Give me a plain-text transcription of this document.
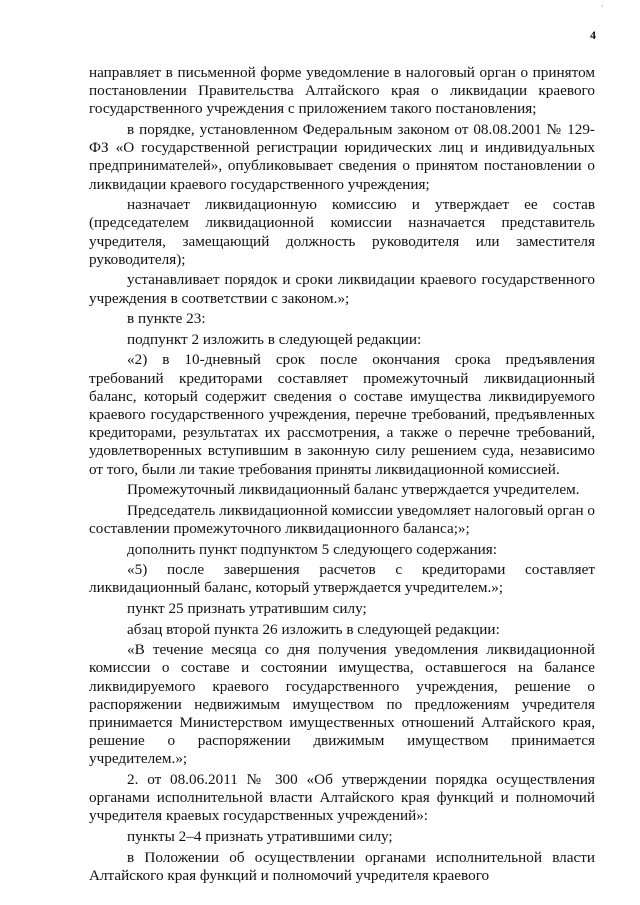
`
4

направляет в письменной форме уведомление в налоговый орган о принятом постановлении Правительства Алтайского края о ликвидации краевого государственного учреждения с приложением такого постановления;

в порядке, установленном Федеральным законом от 08.08.2001 № 129-ФЗ «О государственной регистрации юридических лиц и индивидуальных предпринимателей», опубликовывает сведения о принятом постановлении о ликвидации краевого государственного учреждения;

назначает ликвидационную комиссию и утверждает ее состав (председателем ликвидационной комиссии назначается представитель учредителя, замещающий должность руководителя или заместителя руководителя);

устанавливает порядок и сроки ликвидации краевого государственного учреждения в соответствии с законом.»;

в пункте 23:

подпункт 2 изложить в следующей редакции:

«2) в 10-дневный срок после окончания срока предъявления требований кредиторами составляет промежуточный ликвидационный баланс, который содержит сведения о составе имущества ликвидируемого краевого государственного учреждения, перечне требований, предъявленных кредиторами, результатах их рассмотрения, а также о перечне требований, удовлетворенных вступившим в законную силу решением суда, независимо от того, были ли такие требования приняты ликвидационной комиссией.

Промежуточный ликвидационный баланс утверждается учредителем.

Председатель ликвидационной комиссии уведомляет налоговый орган о составлении промежуточного ликвидационного баланса;»;

дополнить пункт подпунктом 5 следующего содержания:

«5) после завершения расчетов с кредиторами составляет ликвидационный баланс, который утверждается учредителем.»;

пункт 25 признать утратившим силу;

абзац второй пункта 26 изложить в следующей редакции:

«В течение месяца со дня получения уведомления ликвидационной комиссии о составе и состоянии имущества, оставшегося на балансе ликвидируемого краевого государственного учреждения, решение о распоряжении недвижимым имуществом по предложениям учредителя принимается Министерством имущественных отношений Алтайского края, решение о распоряжении движимым имуществом принимается учредителем.»;

2. от 08.06.2011 № 300 «Об утверждении порядка осуществления органами исполнительной власти Алтайского края функций и полномочий учредителя краевых государственных учреждений»:

пункты 2–4 признать утратившими силу;

в Положении об осуществлении органами исполнительной власти Алтайского края функций и полномочий учредителя краевого
